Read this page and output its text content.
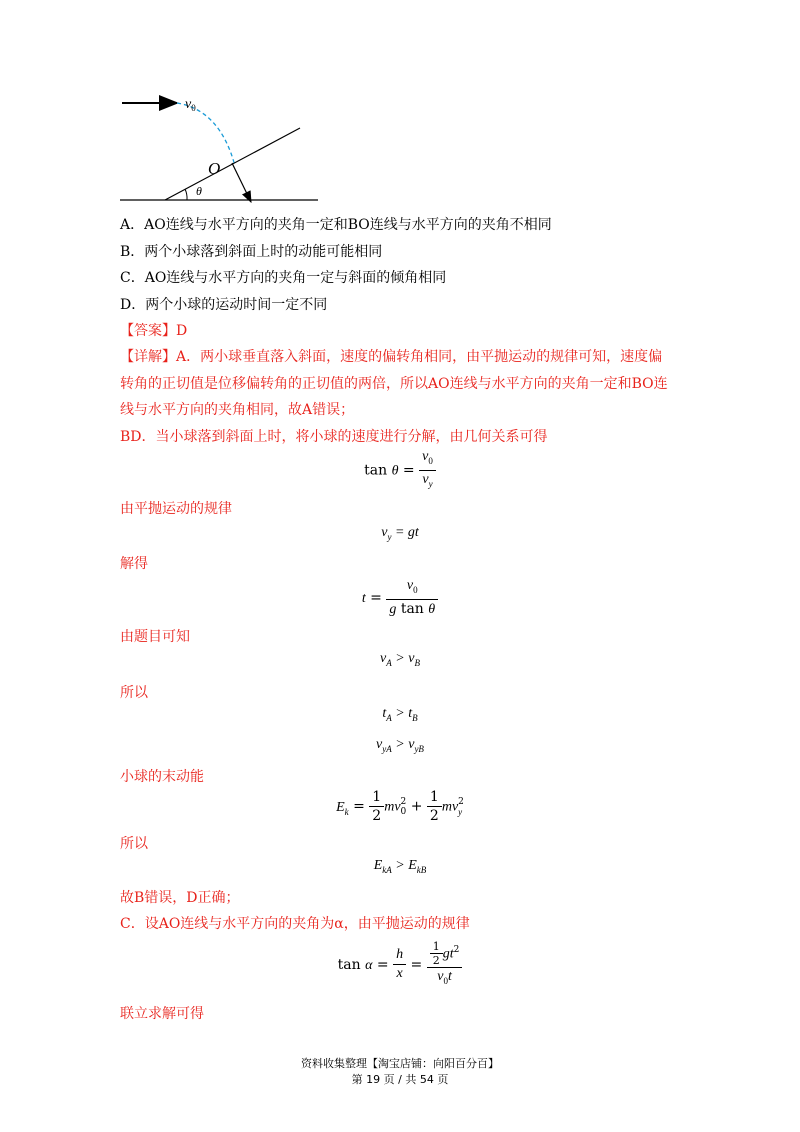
$v_0$
O
θ
A．AO连线与水平方向的夹角一定和BO连线与水平方向的夹角不相同
B．两个小球落到斜面上时的动能可能相同
C．AO连线与水平方向的夹角一定与斜面的倾角相同
D．两个小球的运动时间一定不同
【答案】D
【详解】A．两小球垂直落入斜面，速度的偏转角相同，由平抛运动的规律可知，速度偏
转角的正切值是位移偏转角的正切值的两倍，所以AO连线与水平方向的夹角一定和BO连
线与水平方向的夹角相同，故A错误；
BD．当小球落到斜面上时，将小球的速度进行分解，由几何关系可得
$\tan \theta = \frac{v_0}{v_y}$
由平抛运动的规律
$v_y$ = gt
解得
$t = \frac{v_0}{\text{g tan θ}}$
由题目可知
$v_A > v_B$
所以
$t_A > t_B$
$v_{yA} > v_{yB}$
小球的末动能
$E_k = \frac{1}{2}$ mv 2
$0 + \frac{1}{2}$ mv 2
y
所以
$E_{kA} > E_{kB}$
故B错误，D正确；
C．设AO连线与水平方向的夹角为α，由平抛运动的规律
$\tan \alpha = \frac{h}{x} = \frac{\frac{1}{2} gt^2}{v_0t}$
联立求解可得
资料收集整理【淘宝店铺：向阳百分百】
第 19 页 / 共 54 页
